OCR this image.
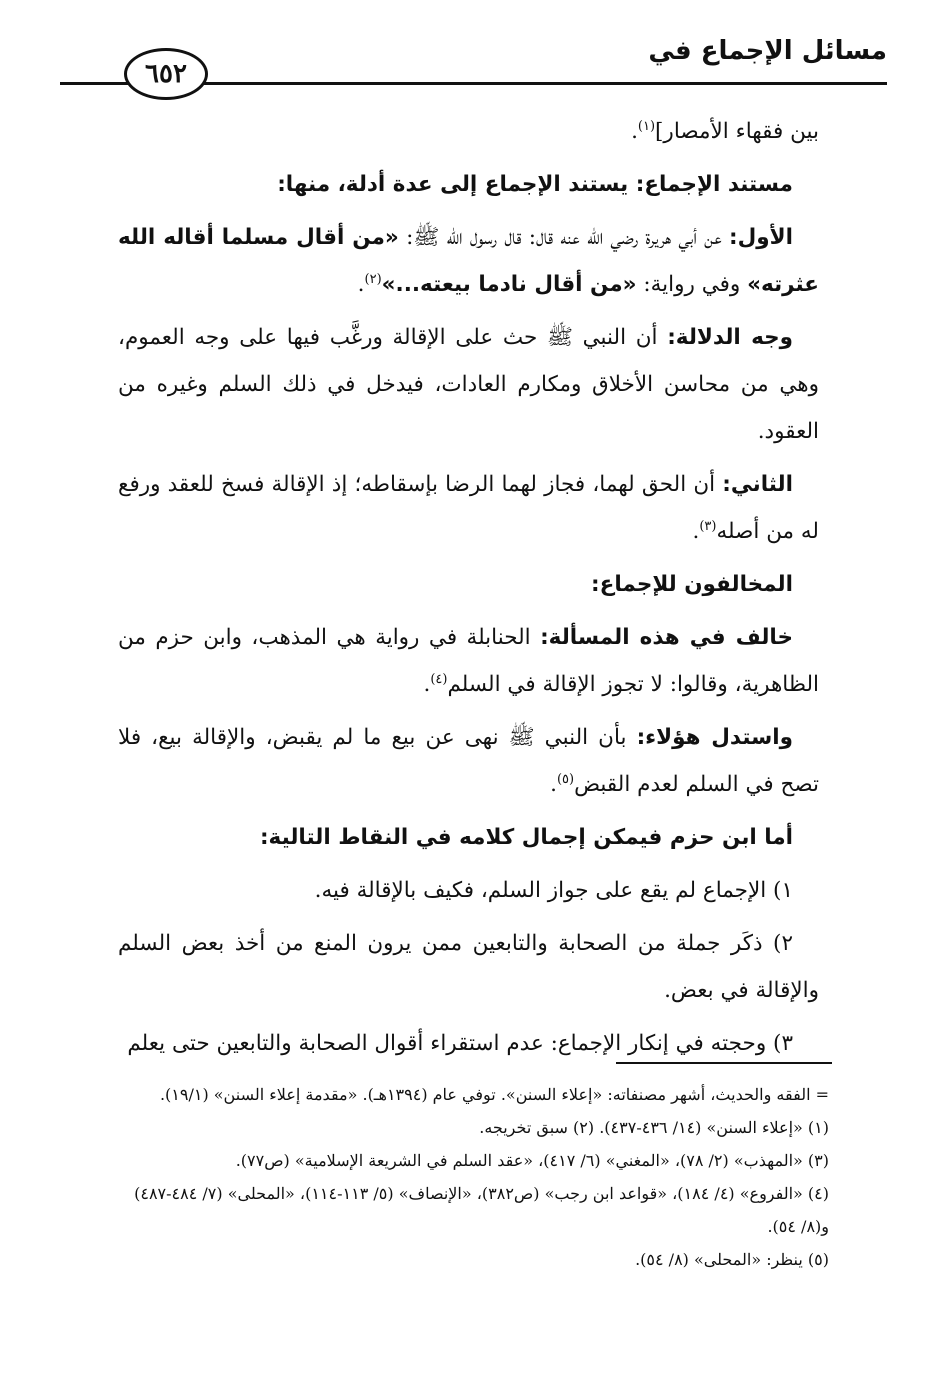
مسائل الإجماع في
٦٥٢

بين فقهاء الأمصار]$^{(١)}$.

مستند الإجماع: يستند الإجماع إلى عدة أدلة، منها:

الأول: عن أبي هريرة رضي الله عنه قال: قال رسول الله ﷺ: «من أقال مسلما أقاله الله عثرته» وفي رواية: «من أقال نادما بيعته...»$^{(٢)}$.

وجه الدلالة: أن النبي ﷺ حث على الإقالة ورغَّب فيها على وجه العموم، وهي من محاسن الأخلاق ومكارم العادات، فيدخل في ذلك السلم وغيره من العقود.

الثاني: أن الحق لهما، فجاز لهما الرضا بإسقاطه؛ إذ الإقالة فسخ للعقد ورفع له من أصله$^{(٣)}$.

المخالفون للإجماع:

خالف في هذه المسألة: الحنابلة في رواية هي المذهب، وابن حزم من الظاهرية، وقالوا: لا تجوز الإقالة في السلم$^{(٤)}$.

واستدل هؤلاء: بأن النبي ﷺ نهى عن بيع ما لم يقبض، والإقالة بيع، فلا تصح في السلم لعدم القبض$^{(٥)}$.

أما ابن حزم فيمكن إجمال كلامه في النقاط التالية:

١) الإجماع لم يقع على جواز السلم، فكيف بالإقالة فيه.

٢) ذكَر جملة من الصحابة والتابعين ممن يرون المنع من أخذ بعض السلم والإقالة في بعض.

٣) وحجته في إنكار الإجماع: عدم استقراء أقوال الصحابة والتابعين حتى يعلم

= الفقه والحديث، أشهر مصنفاته: «إعلاء السنن». توفي عام (١٣٩٤هـ). «مقدمة إعلاء السنن» (١٩/١).

(١) «إعلاء السنن» (١٤/ ٤٣٦-٤٣٧). (٢) سبق تخريجه.

(٣) «المهذب» (٢/ ٧٨)، «المغني» (٦/ ٤١٧)، «عقد السلم في الشريعة الإسلامية» (ص٧٧).

(٤) «الفروع» (٤/ ١٨٤)، «قواعد ابن رجب» (ص٣٨٢)، «الإنصاف» (٥/ ١١٣-١١٤)، «المحلى» (٧/ ٤٨٤-٤٨٧) و(٨/ ٥٤).

(٥) ينظر: «المحلى» (٨/ ٥٤).
